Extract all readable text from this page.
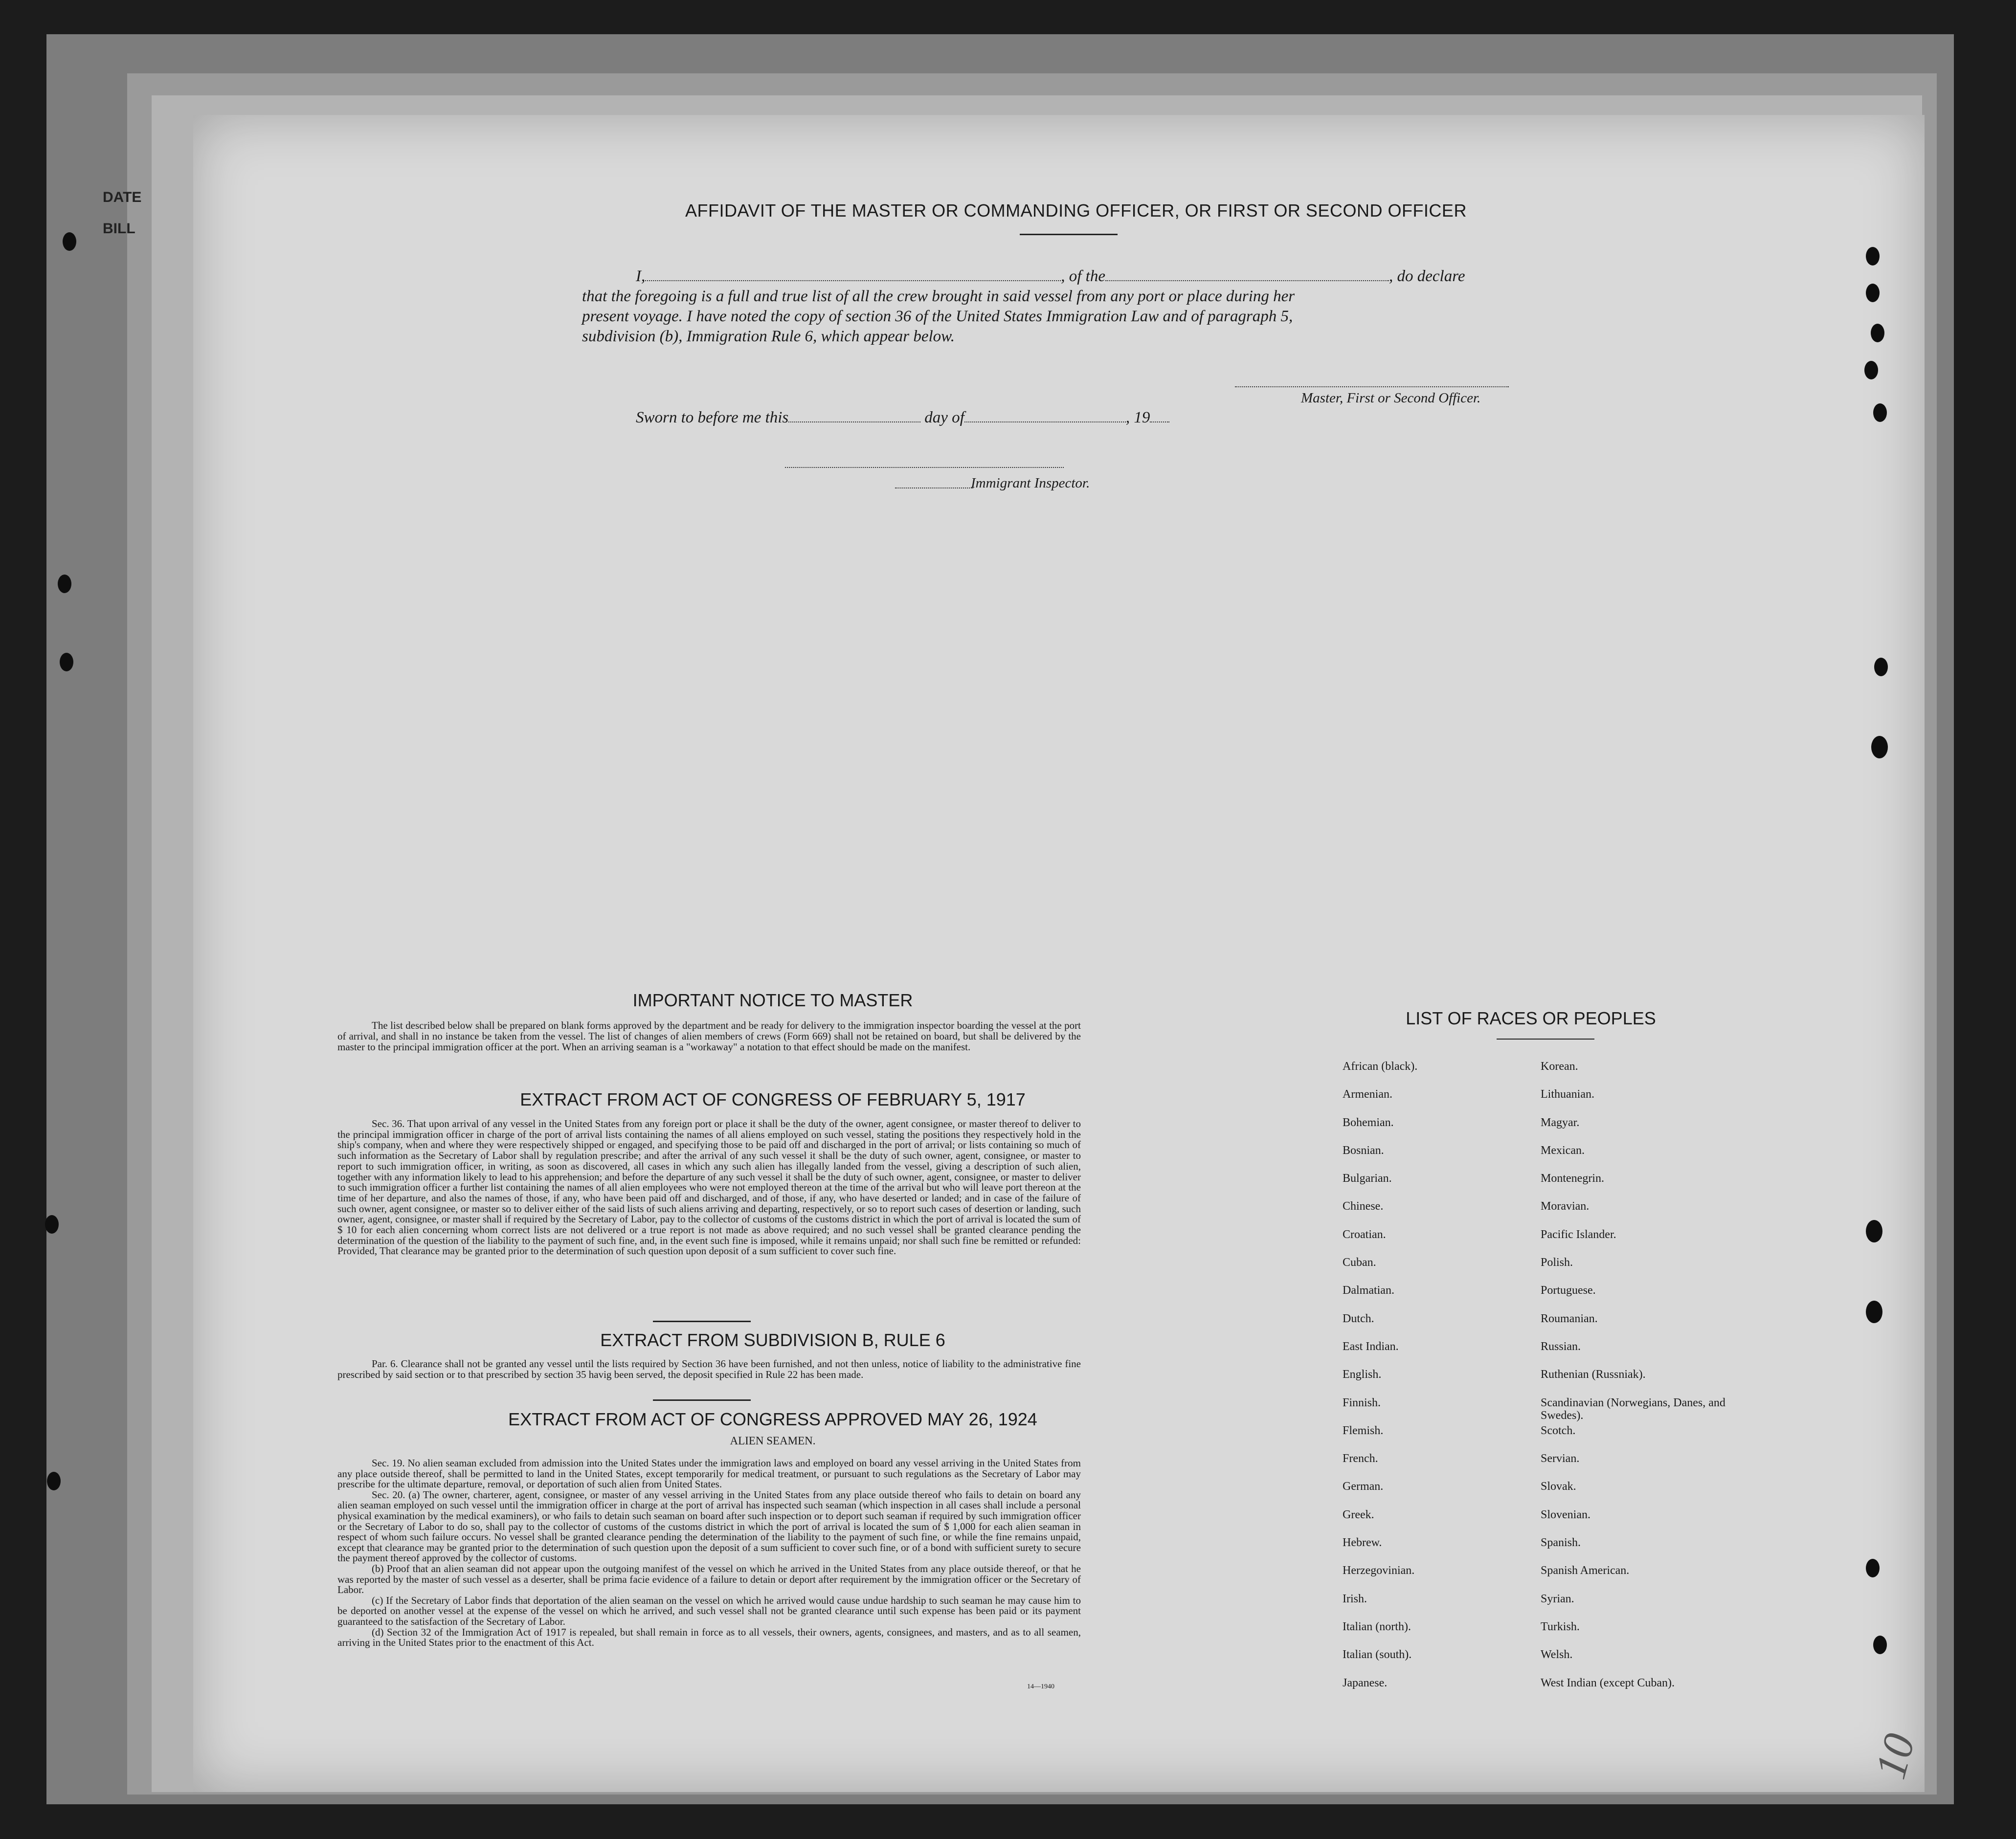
DATE
BILL
AFFIDAVIT OF THE MASTER OR COMMANDING OFFICER, OR FIRST OR SECOND OFFICER
I,	, of the	, do declare
that the foregoing is a full and true list of all the crew brought in said vessel from any port or place during her
present voyage. I have noted the copy of section 36 of the United States Immigration Law and of paragraph 5,
subdivision (b), Immigration Rule 6, which appear below.
Master, First or Second Officer.
Sworn to before me this	day of	, 19
Immigrant Inspector.
IMPORTANT NOTICE TO MASTER

The list described below shall be prepared on blank forms approved by the department and be ready for delivery to the immigration inspector boarding the vessel at the port of arrival, and shall in no instance be taken from the vessel. The list of changes of alien members of crews (Form 669) shall not be retained on board, but shall be delivered by the master to the principal immigration officer at the port. When an arriving seaman is a "workaway" a notation to that effect should be made on the manifest.

EXTRACT FROM ACT OF CONGRESS OF FEBRUARY 5, 1917

Sec. 36. That upon arrival of any vessel in the United States from any foreign port or place it shall be the duty of the owner, agent consignee, or master thereof to deliver to the principal immigration officer in charge of the port of arrival lists containing the names of all aliens employed on such vessel, stating the positions they respectively hold in the ship's company, when and where they were respectively shipped or engaged, and specifying those to be paid off and discharged in the port of arrival; or lists containing so much of such information as the Secretary of Labor shall by regulation prescribe; and after the arrival of any such vessel it shall be the duty of such owner, agent, consignee, or master to report to such immigration officer, in writing, as soon as discovered, all cases in which any such alien has illegally landed from the vessel, giving a description of such alien, together with any information likely to lead to his apprehension; and before the departure of any such vessel it shall be the duty of such owner, agent, consignee, or master to deliver to such immigration officer a further list containing the names of all alien employees who were not employed thereon at the time of the arrival but who will leave port thereon at the time of her departure, and also the names of those, if any, who have been paid off and discharged, and of those, if any, who have deserted or landed; and in case of the failure of such owner, agent consignee, or master so to deliver either of the said lists of such aliens arriving and departing, respectively, or so to report such cases of desertion or landing, such owner, agent, consignee, or master shall if required by the Secretary of Labor, pay to the collector of customs of the customs district in which the port of arrival is located the sum of $ 10 for each alien concerning whom correct lists are not delivered or a true report is not made as above required; and no such vessel shall be granted clearance pending the determination of the question of the liability to the payment of such fine, and, in the event such fine is imposed, while it remains unpaid; nor shall such fine be remitted or refunded: Provided, That clearance may be granted prior to the determination of such question upon deposit of a sum sufficient to cover such fine.

EXTRACT FROM SUBDIVISION B, RULE 6

Par. 6. Clearance shall not be granted any vessel until the lists required by Section 36 have been furnished, and not then unless, notice of liability to the administrative fine prescribed by said section or to that prescribed by section 35 havig been served, the deposit specified in Rule 22 has been made.

EXTRACT FROM ACT OF CONGRESS APPROVED MAY 26, 1924
ALIEN SEAMEN.

Sec. 19. No alien seaman excluded from admission into the United States under the immigration laws and employed on board any vessel arriving in the United States from any place outside thereof, shall be permitted to land in the United States, except temporarily for medical treatment, or pursuant to such regulations as the Secretary of Labor may prescribe for the ultimate departure, removal, or deportation of such alien from United States.

Sec. 20. (a) The owner, charterer, agent, consignee, or master of any vessel arriving in the United States from any place outside thereof who fails to detain on board any alien seaman employed on such vessel until the immigration officer in charge at the port of arrival has inspected such seaman (which inspection in all cases shall include a personal physical examination by the medical examiners), or who fails to detain such seaman on board after such inspection or to deport such seaman if required by such immigration officer or the Secretary of Labor to do so, shall pay to the collector of customs of the customs district in which the port of arrival is located the sum of $ 1,000 for each alien seaman in respect of whom such failure occurs. No vessel shall be granted clearance pending the determination of the liability to the payment of such fine, or while the fine remains unpaid, except that clearance may be granted prior to the determination of such question upon the deposit of a sum sufficient to cover such fine, or of a bond with sufficient surety to secure the payment thereof approved by the collector of customs.

(b) Proof that an alien seaman did not appear upon the outgoing manifest of the vessel on which he arrived in the United States from any place outside thereof, or that he was reported by the master of such vessel as a deserter, shall be prima facie evidence of a failure to detain or deport after requirement by the immigration officer or the Secretary of Labor.

(c) If the Secretary of Labor finds that deportation of the alien seaman on the vessel on which he arrived would cause undue hardship to such seaman he may cause him to be deported on another vessel at the expense of the vessel on which he arrived, and such vessel shall not be granted clearance until such expense has been paid or its payment guaranteed to the satisfaction of the Secretary of Labor.

(d) Section 32 of the Immigration Act of 1917 is repealed, but shall remain in force as to all vessels, their owners, agents, consignees, and masters, and as to all seamen, arriving in the United States prior to the enactment of this Act.

14—1940
LIST OF RACES OR PEOPLES
African (black).	Korean.
Armenian.	Lithuanian.
Bohemian.	Magyar.
Bosnian.	Mexican.
Bulgarian.	Montenegrin.
Chinese.	Moravian.
Croatian.	Pacific Islander.
Cuban.	Polish.
Dalmatian.	Portuguese.
Dutch.	Roumanian.
East Indian.	Russian.
English.	Ruthenian (Russniak).
Finnish.	Scandinavian (Norwegians, Danes, and Swedes).
Flemish.	Scotch.
French.	Servian.
German.	Slovak.
Greek.	Slovenian.
Hebrew.	Spanish.
Herzegovinian.	Spanish American.
Irish.	Syrian.
Italian (north).	Turkish.
Italian (south).	Welsh.
Japanese.	West Indian (except Cuban).
10
